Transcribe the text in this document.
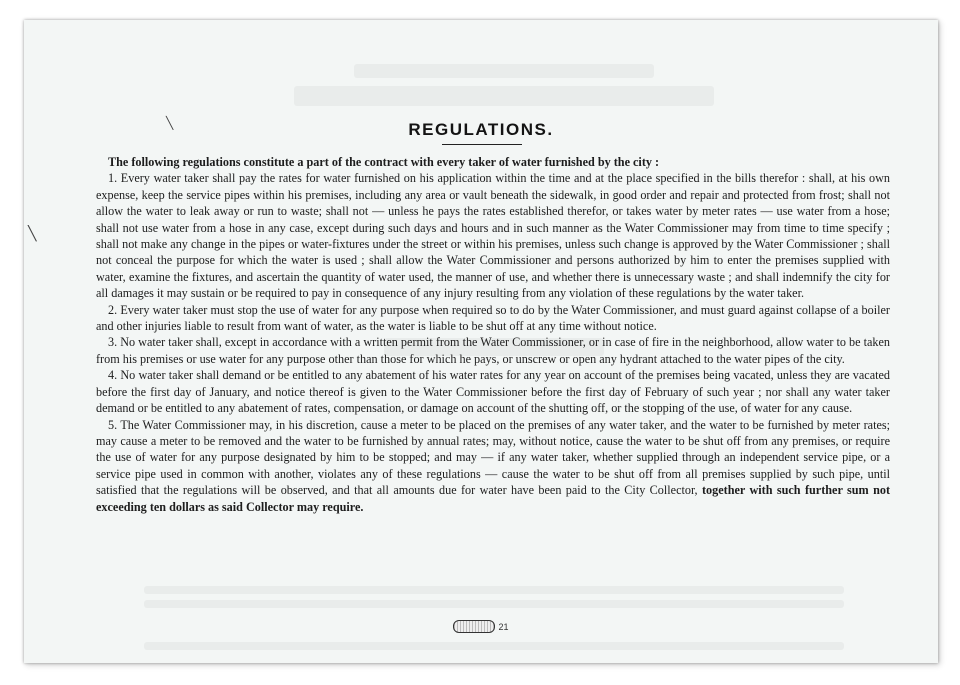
REGULATIONS.

The following regulations constitute a part of the contract with every taker of water furnished by the city :

1. Every water taker shall pay the rates for water furnished on his application within the time and at the place specified in the bills therefor : shall, at his own expense, keep the service pipes within his premises, including any area or vault beneath the sidewalk, in good order and repair and protected from frost; shall not allow the water to leak away or run to waste; shall not — unless he pays the rates established therefor, or takes water by meter rates — use water from a hose; shall not use water from a hose in any case, except during such days and hours and in such manner as the Water Commissioner may from time to time specify ; shall not make any change in the pipes or water-fixtures under the street or within his premises, unless such change is approved by the Water Commissioner ; shall not conceal the purpose for which the water is used ; shall allow the Water Commissioner and persons authorized by him to enter the premises supplied with water, examine the fixtures, and ascertain the quantity of water used, the manner of use, and whether there is unnecessary waste ; and shall indemnify the city for all damages it may sustain or be required to pay in consequence of any injury resulting from any violation of these regulations by the water taker.

2. Every water taker must stop the use of water for any purpose when required so to do by the Water Commissioner, and must guard against collapse of a boiler and other injuries liable to result from want of water, as the water is liable to be shut off at any time without notice.

3. No water taker shall, except in accordance with a written permit from the Water Commissioner, or in case of fire in the neighborhood, allow water to be taken from his premises or use water for any purpose other than those for which he pays, or unscrew or open any hydrant attached to the water pipes of the city.

4. No water taker shall demand or be entitled to any abatement of his water rates for any year on account of the premises being vacated, unless they are vacated before the first day of January, and notice thereof is given to the Water Commissioner before the first day of February of such year ; nor shall any water taker demand or be entitled to any abatement of rates, compensation, or damage on account of the shutting off, or the stopping of the use, of water for any cause.

5. The Water Commissioner may, in his discretion, cause a meter to be placed on the premises of any water taker, and the water to be furnished by meter rates; may cause a meter to be removed and the water to be furnished by annual rates; may, without notice, cause the water to be shut off from any premises, or require the use of water for any purpose designated by him to be stopped; and may — if any water taker, whether supplied through an independent service pipe, or a service pipe used in common with another, violates any of these regulations — cause the water to be shut off from all premises supplied by such pipe, until satisfied that the regulations will be observed, and that all amounts due for water have been paid to the City Collector, together with such further sum not exceeding ten dollars as said Collector may require.

21
╲
╲
